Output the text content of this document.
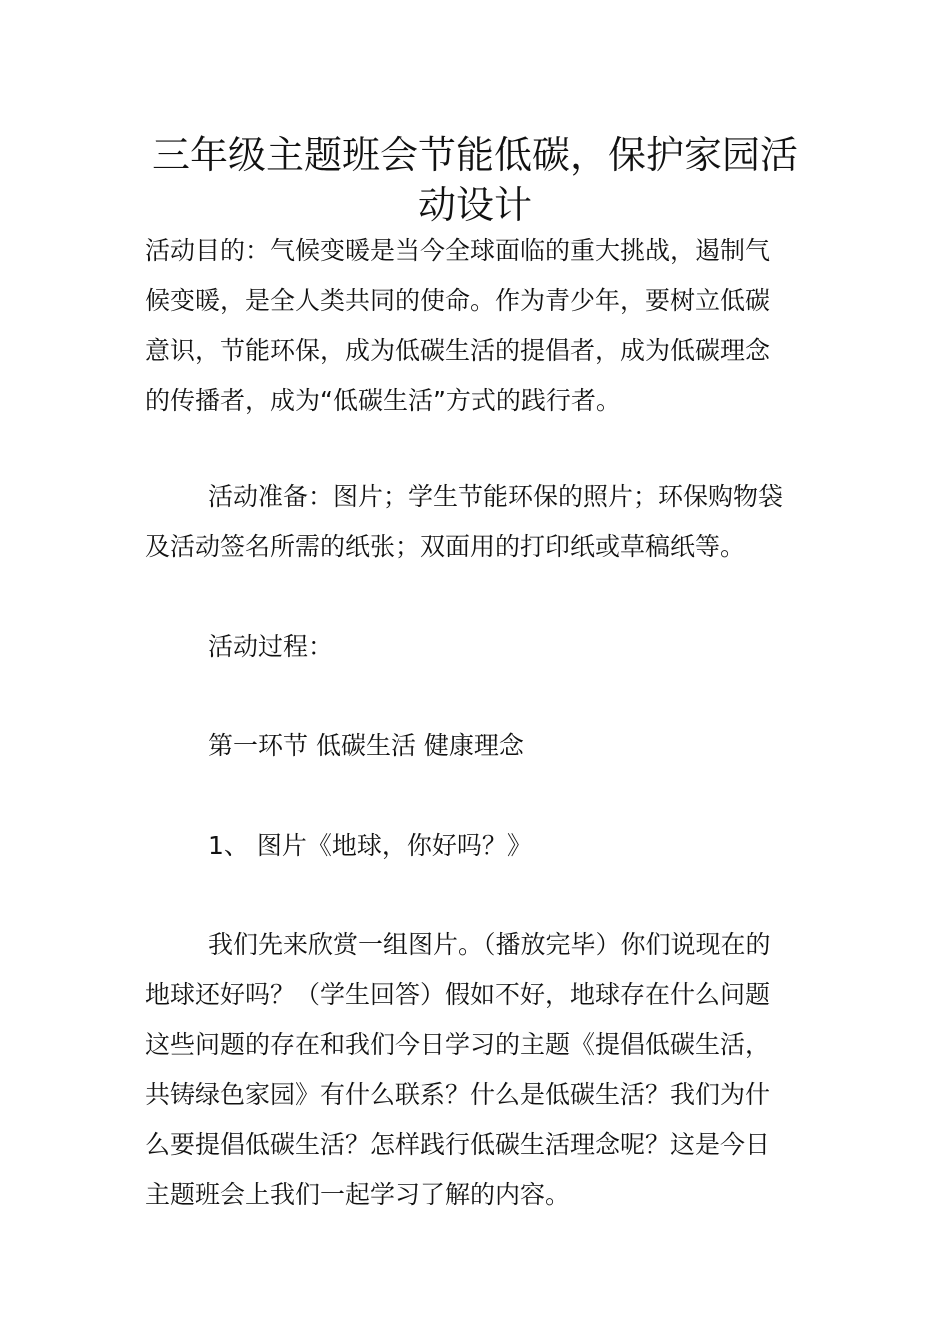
三年级主题班会节能低碳，保护家园活
动设计
活动目的：气候变暖是当今全球面临的重大挑战，遏制气
候变暖，是全人类共同的使命。作为青少年，要树立低碳
意识，节能环保，成为低碳生活的提倡者，成为低碳理念
的传播者，成为“低碳生活”方式的践行者。
活动准备：图片；学生节能环保的照片；环保购物袋
及活动签名所需的纸张；双面用的打印纸或草稿纸等。
活动过程：
第一环节 低碳生活 健康理念
1、 图片《地球，你好吗？》
我们先来欣赏一组图片。（播放完毕）你们说现在的
地球还好吗？（学生回答）假如不好，地球存在什么问题
这些问题的存在和我们今日学习的主题《提倡低碳生活，
共铸绿色家园》有什么联系？什么是低碳生活？我们为什
么要提倡低碳生活？怎样践行低碳生活理念呢？这是今日
主题班会上我们一起学习了解的内容。
